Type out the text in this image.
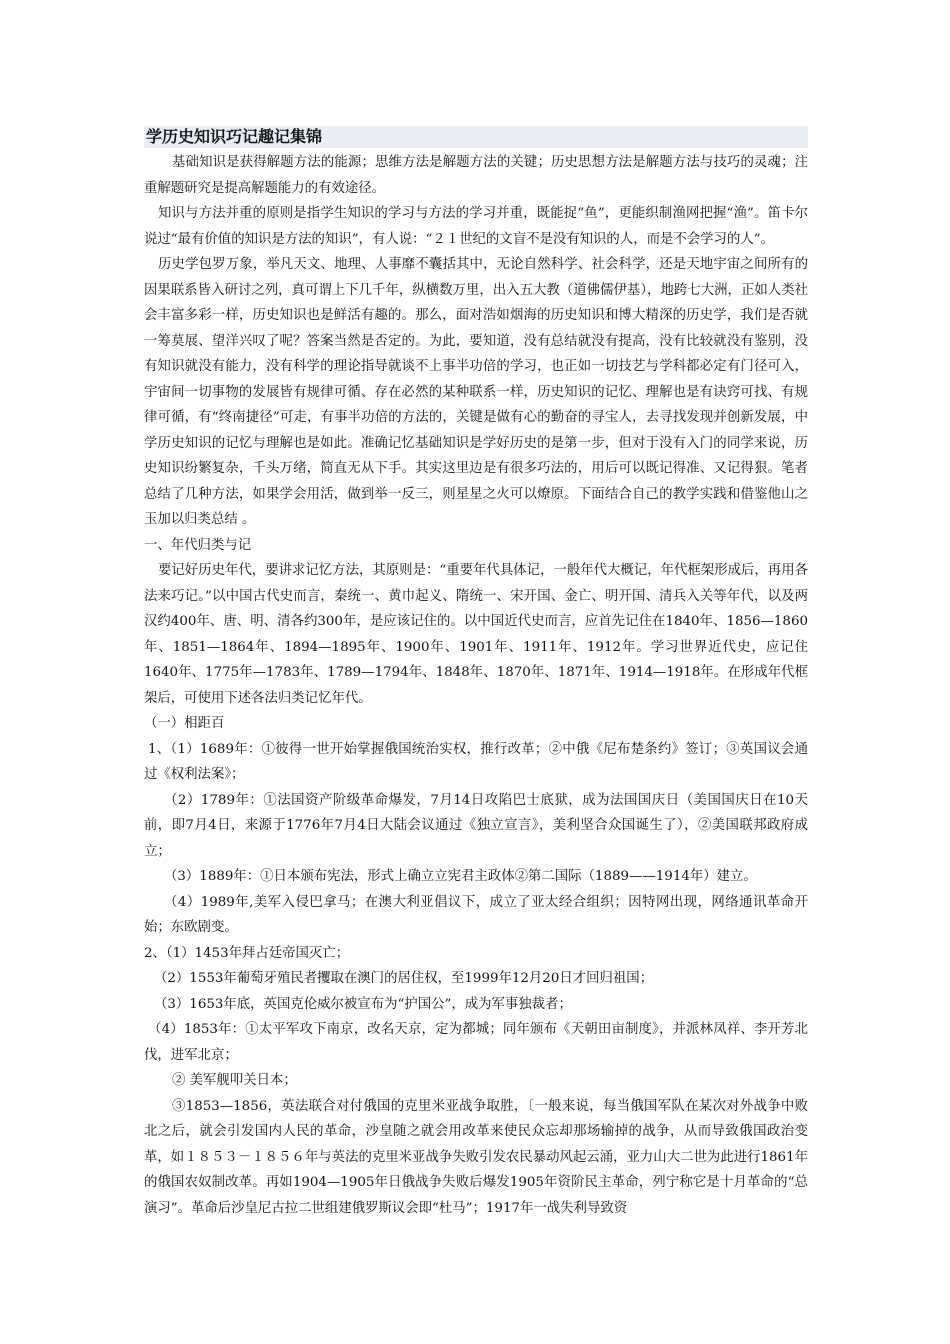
学历史知识巧记趣记集锦

基础知识是获得解题方法的能源；思维方法是解题方法的关键；历史思想方法是解题方法与技巧的灵魂；注重解题研究是提高解题能力的有效途径。

知识与方法并重的原则是指学生知识的学习与方法的学习并重，既能捉“鱼”，更能织制渔网把握“渔”。笛卡尔说过“最有价值的知识是方法的知识”，有人说：“２１世纪的文盲不是没有知识的人，而是不会学习的人”。

历史学包罗万象，举凡天文、地理、人事靡不囊括其中，无论自然科学、社会科学，还是天地宇宙之间所有的因果联系皆入研讨之列，真可谓上下几千年，纵横数万里，出入五大教（道佛儒伊基），地跨七大洲，正如人类社会丰富多彩一样，历史知识也是鲜活有趣的。那么，面对浩如烟海的历史知识和博大精深的历史学，我们是否就一筹莫展、望洋兴叹了呢？答案当然是否定的。为此，要知道，没有总结就没有提高，没有比较就没有鉴别，没有知识就没有能力，没有科学的理论指导就谈不上事半功倍的学习，也正如一切技艺与学科都必定有门径可入，宇宙间一切事物的发展皆有规律可循、存在必然的某种联系一样，历史知识的记忆、理解也是有诀窍可找、有规律可循，有“终南捷径”可走，有事半功倍的方法的，关键是做有心的勤奋的寻宝人，去寻找发现并创新发展，中学历史知识的记忆与理解也是如此。准确记忆基础知识是学好历史的是第一步，但对于没有入门的同学来说，历史知识纷繁复杂，千头万绪，简直无从下手。其实这里边是有很多巧法的，用后可以既记得准、又记得狠。笔者总结了几种方法，如果学会用活，做到举一反三，则星星之火可以燎原。下面结合自己的教学实践和借鉴他山之玉加以归类总结 。

一、年代归类与记

要记好历史年代，要讲求记忆方法，其原则是：“重要年代具体记，一般年代大概记，年代框架形成后，再用各法来巧记。”以中国古代史而言，秦统一、黄巾起义、隋统一、宋开国、金亡、明开国、清兵入关等年代，以及两汉约400年、唐、明、清各约300年，是应该记住的。以中国近代史而言，应首先记住在1840年、1856—1860年、1851—1864年、1894—1895年、1900年、1901年、1911年、1912年。学习世界近代史，应记住1640年、1775年—1783年、1789—1794年、1848年、1870年、1871年、1914—1918年。在形成年代框架后，可使用下述各法归类记忆年代。

（一）相距百

1、（1）1689年：①彼得一世开始掌握俄国统治实权，推行改革；②中俄《尼布楚条约》签订；③英国议会通过《权利法案》；

（2）1789年：①法国资产阶级革命爆发，7月14日攻陷巴士底狱，成为法国国庆日（美国国庆日在10天前，即7月4日，来源于1776年7月4日大陆会议通过《独立宣言》，美利坚合众国诞生了），②美国联邦政府成立；

（3）1889年：①日本颁布宪法，形式上确立立宪君主政体②第二国际（1889——1914年）建立。

（4）1989年,美军入侵巴拿马；在澳大利亚倡议下，成立了亚太经合组织；因特网出现，网络通讯革命开始；东欧剧变。

2、（1）1453年拜占廷帝国灭亡；

（2）1553年葡萄牙殖民者攫取在澳门的居住权，至1999年12月20日才回归祖国；

（3）1653年底，英国克伦威尔被宣布为“护国公”，成为军事独裁者；

（4）1853年：①太平军攻下南京，改名天京，定为都城；同年颁布《天朝田亩制度》，并派林凤祥、李开芳北伐，进军北京；

② 美军舰叩关日本；

③1853—1856，英法联合对付俄国的克里米亚战争取胜，〔一般来说，每当俄国军队在某次对外战争中败北之后，就会引发国内人民的革命，沙皇随之就会用改革来使民众忘却那场输掉的战争，从而导致俄国政治变革，如１８５３－１８５６年与英法的克里米亚战争失败引发农民暴动风起云涌，亚力山大二世为此进行1861年的俄国农奴制改革。再如1904—1905年日俄战争失败后爆发1905年资阶民主革命，列宁称它是十月革命的“总演习”。革命后沙皇尼古拉二世组建俄罗斯议会即“杜马”；1917年一战失利导致资
